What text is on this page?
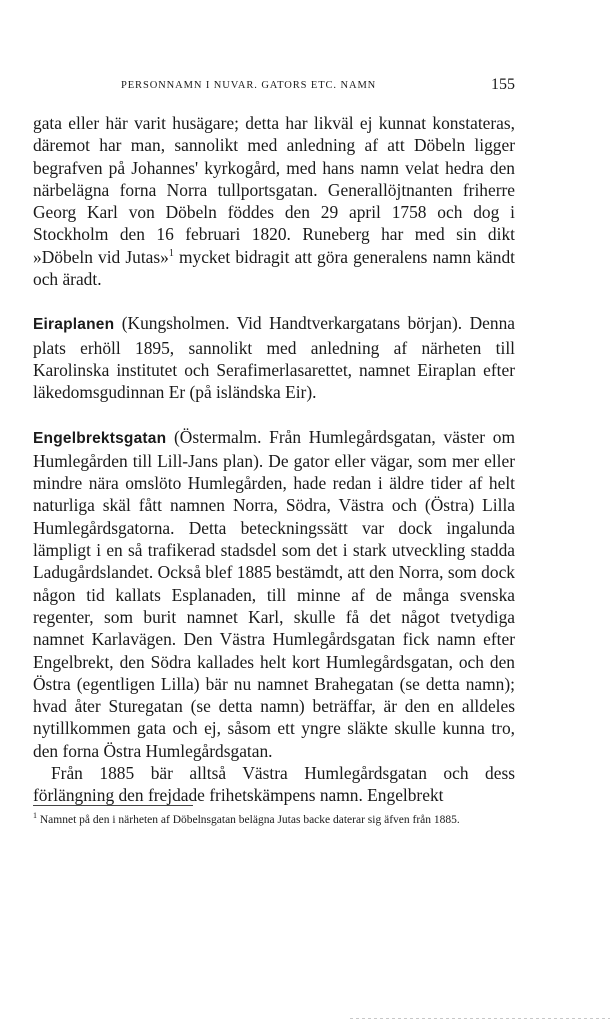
PERSONNAMN I NUVAR. GATORS ETC. NAMN	155

gata eller här varit husägare; detta har likväl ej kunnat konstateras, däremot har man, sannolikt med anledning af att Döbeln ligger begrafven på Johannes' kyrkogård, med hans namn velat hedra den närbelägna forna Norra tullportsgatan. Generallöjtnanten friherre Georg Karl von Döbeln föddes den 29 april 1758 och dog i Stockholm den 16 februari 1820. Runeberg har med sin dikt »Döbeln vid Jutas»$^1$ mycket bidragit att göra generalens namn kändt och äradt.

Eiraplanen (Kungsholmen. Vid Handtverkargatans början). Denna plats erhöll 1895, sannolikt med anledning af närheten till Karolinska institutet och Serafimerlasarettet, namnet Eiraplan efter läkedomsgudinnan Er (på isländska Eir).

Engelbrektsgatan (Östermalm. Från Humlegårdsgatan, väster om Humlegården till Lill-Jans plan). De gator eller vägar, som mer eller mindre nära omslöto Humlegården, hade redan i äldre tider af helt naturliga skäl fått namnen Norra, Södra, Västra och (Östra) Lilla Humlegårdsgatorna. Detta beteckningssätt var dock ingalunda lämpligt i en så trafikerad stadsdel som det i stark utveckling stadda Ladugårdslandet. Också blef 1885 bestämdt, att den Norra, som dock någon tid kallats Esplanaden, till minne af de många svenska regenter, som burit namnet Karl, skulle få det något tvetydiga namnet Karlavägen. Den Västra Humlegårdsgatan fick namn efter Engelbrekt, den Södra kallades helt kort Humlegårdsgatan, och den Östra (egentligen Lilla) bär nu namnet Brahegatan (se detta namn); hvad åter Sturegatan (se detta namn) beträffar, är den en alldeles nytillkommen gata och ej, såsom ett yngre släkte skulle kunna tro, den forna Östra Humlegårdsgatan.

Från 1885 bär alltså Västra Humlegårdsgatan och dess förlängning den frejdade frihetskämpens namn. Engelbrekt

$^1$ Namnet på den i närheten af Döbelnsgatan belägna Jutas backe daterar sig äfven från 1885.
